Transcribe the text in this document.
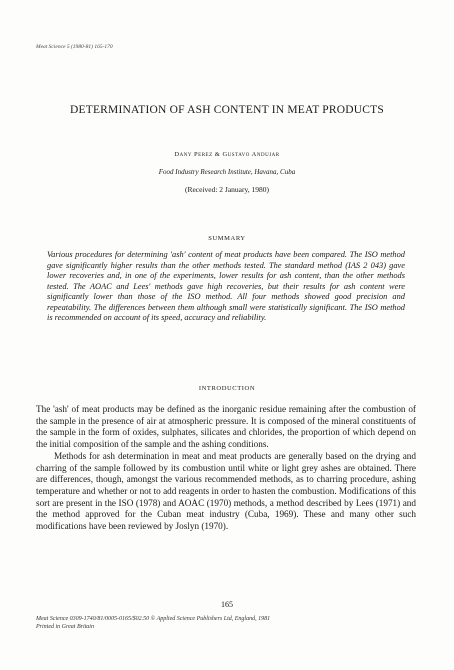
Meat Science 5 (1980-81) 165-170
DETERMINATION OF ASH CONTENT IN MEAT PRODUCTS
Dany Perez & Gustavo Andujar
Food Industry Research Institute, Havana, Cuba
(Received: 2 January, 1980)
SUMMARY
Various procedures for determining 'ash' content of meat products have been compared. The ISO method gave significantly higher results than the other methods tested. The standard method (IAS 2 043) gave lower recoveries and, in one of the experiments, lower results for ash content, than the other methods tested. The AOAC and Lees' methods gave high recoveries, but their results for ash content were significantly lower than those of the ISO method. All four methods showed good precision and repeatability. The differences between them although small were statistically significant. The ISO method is recommended on account of its speed, accuracy and reliability.
INTRODUCTION

The 'ash' of meat products may be defined as the inorganic residue remaining after the combustion of the sample in the presence of air at atmospheric pressure. It is composed of the mineral constituents of the sample in the form of oxides, sulphates, silicates and chlorides, the proportion of which depend on the initial composition of the sample and the ashing conditions.

Methods for ash determination in meat and meat products are generally based on the drying and charring of the sample followed by its combustion until white or light grey ashes are obtained. There are differences, though, amongst the various recommended methods, as to charring procedure, ashing temperature and whether or not to add reagents in order to hasten the combustion. Modifications of this sort are present in the ISO (1978) and AOAC (1970) methods, a method described by Lees (1971) and the method approved for the Cuban meat industry (Cuba, 1969). These and many other such modifications have been reviewed by Joslyn (1970).

165
Meat Science 0309-1740/81/0005-0165/$02.50 © Applied Science Publishers Ltd, England, 1981
Printed in Great Britain
